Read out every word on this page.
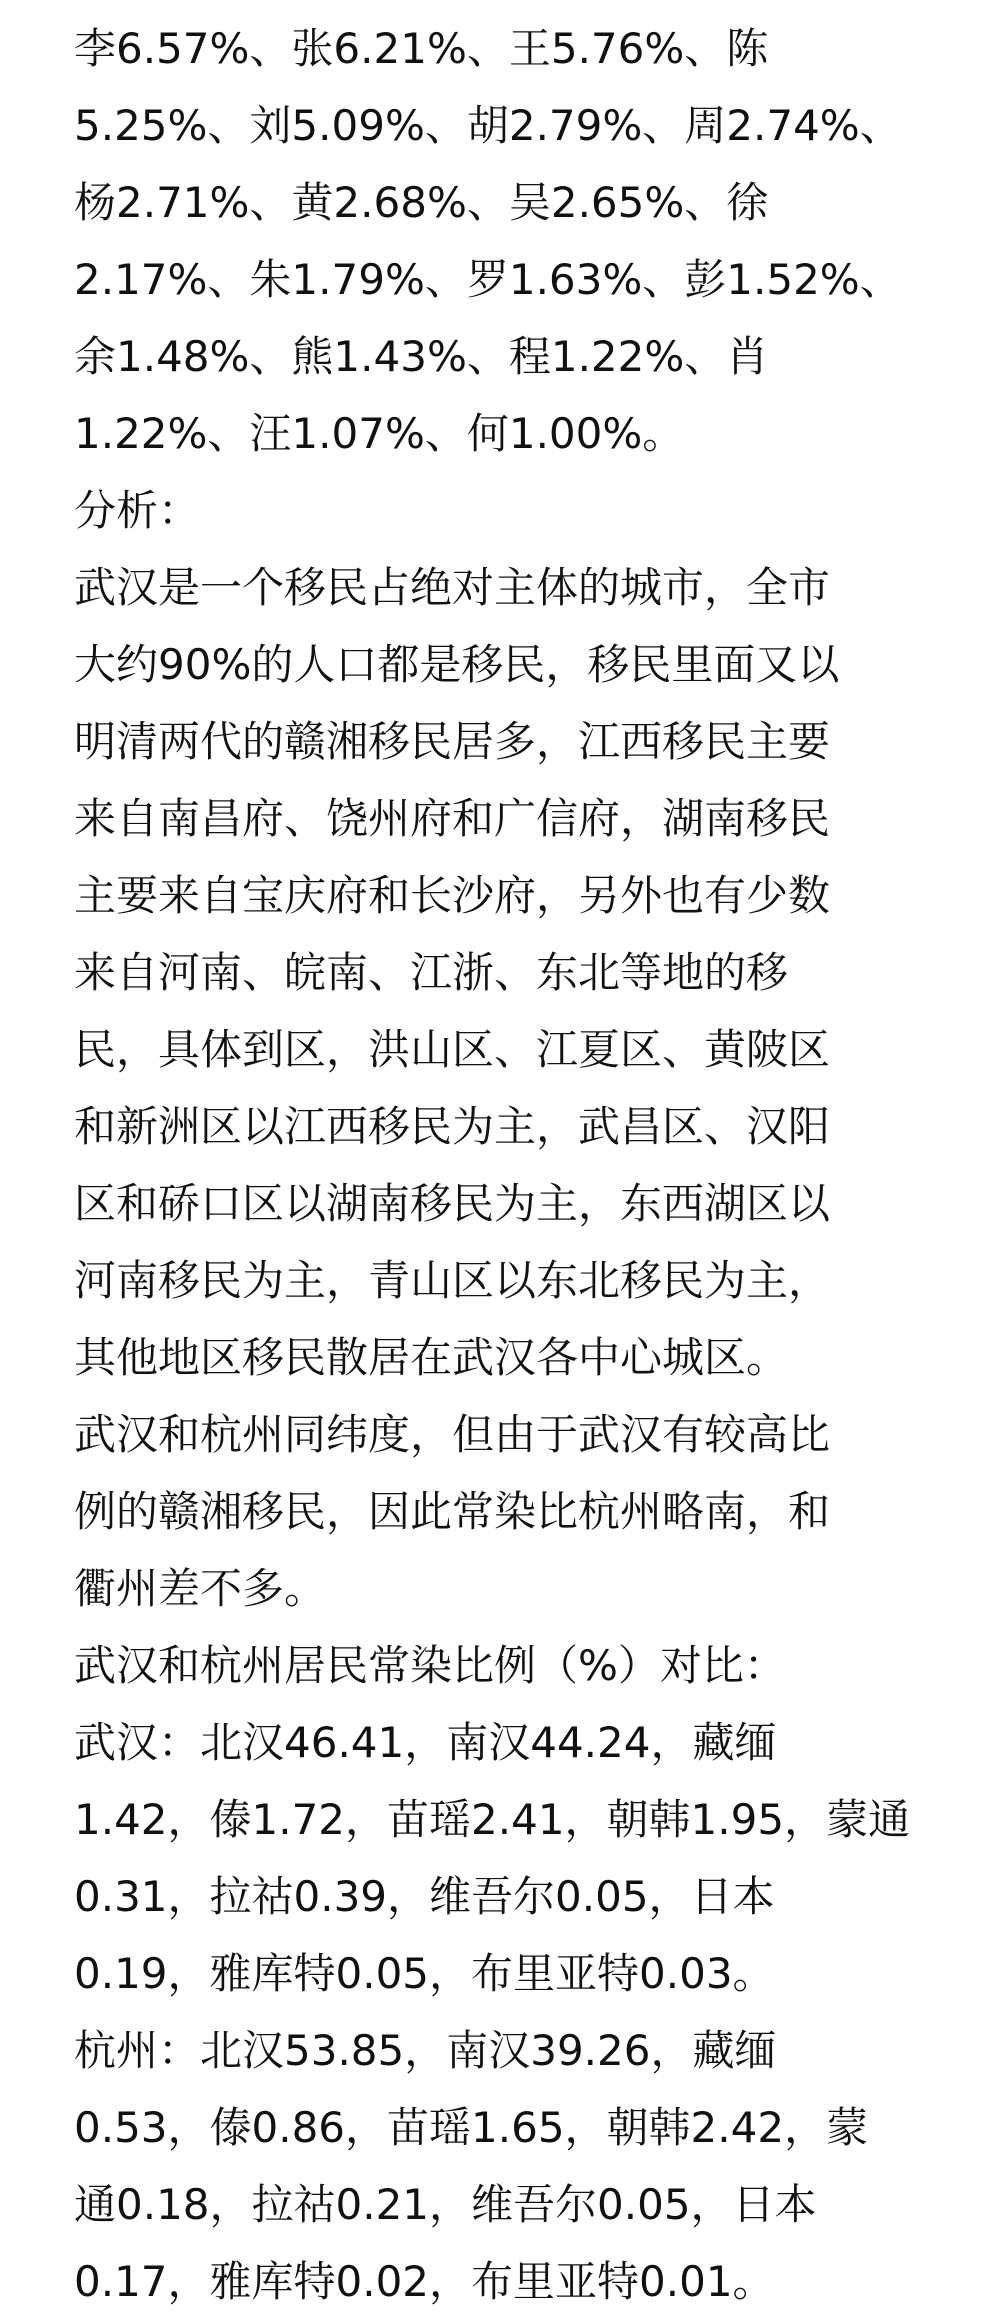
李6.57%、张6.21%、王5.76%、陈
5.25%、刘5.09%、胡2.79%、周2.74%、
杨2.71%、黄2.68%、吴2.65%、徐
2.17%、朱1.79%、罗1.63%、彭1.52%、
余1.48%、熊1.43%、程1.22%、肖
1.22%、汪1.07%、何1.00%。
分析：
武汉是一个移民占绝对主体的城市，全市
大约90%的人口都是移民，移民里面又以
明清两代的赣湘移民居多，江西移民主要
来自南昌府、饶州府和广信府，湖南移民
主要来自宝庆府和长沙府，另外也有少数
来自河南、皖南、江浙、东北等地的移
民，具体到区，洪山区、江夏区、黄陂区
和新洲区以江西移民为主，武昌区、汉阳
区和硚口区以湖南移民为主，东西湖区以
河南移民为主，青山区以东北移民为主，
其他地区移民散居在武汉各中心城区。
武汉和杭州同纬度，但由于武汉有较高比
例的赣湘移民，因此常染比杭州略南，和
衢州差不多。
武汉和杭州居民常染比例（%）对比：
武汉：北汉46.41，南汉44.24，藏缅
1.42，傣1.72，苗瑶2.41，朝韩1.95，蒙通
0.31，拉祜0.39，维吾尔0.05，日本
0.19，雅库特0.05，布里亚特0.03。
杭州：北汉53.85，南汉39.26，藏缅
0.53，傣0.86，苗瑶1.65，朝韩2.42，蒙
通0.18，拉祜0.21，维吾尔0.05，日本
0.17，雅库特0.02，布里亚特0.01。
